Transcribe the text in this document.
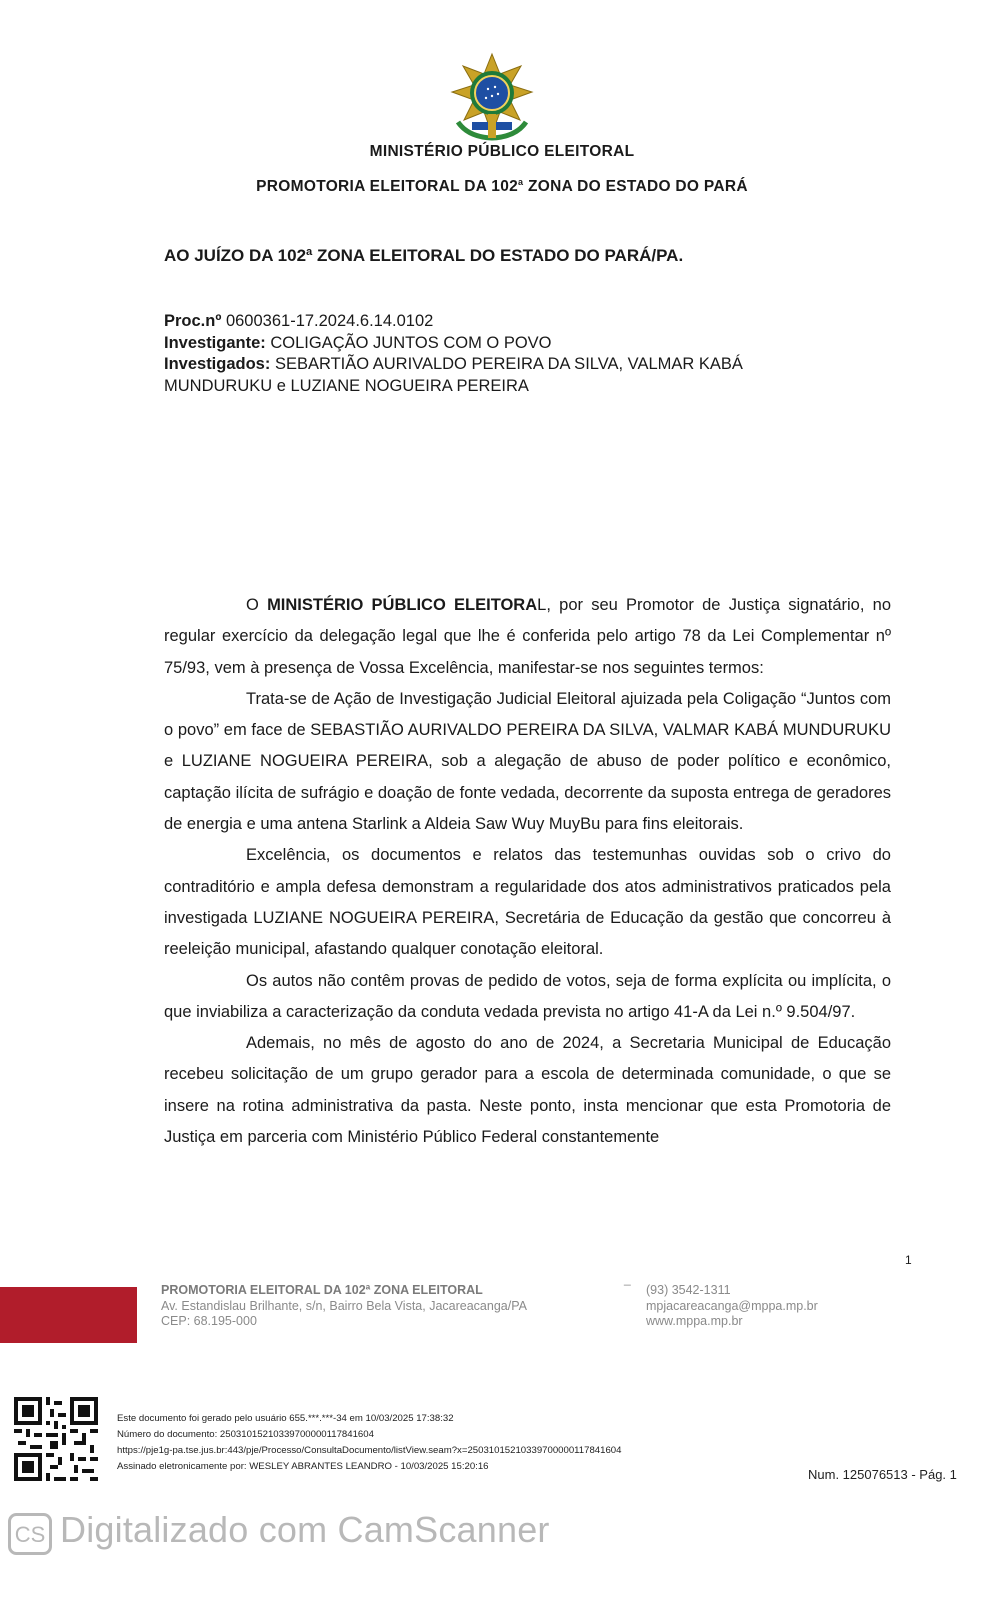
MINISTÉRIO PÚBLICO ELEITORAL
PROMOTORIA ELEITORAL DA 102$^a$ ZONA DO ESTADO DO PARÁ
AO JUÍZO DA 102ª ZONA ELEITORAL DO ESTADO DO PARÁ/PA.
Proc.nº 0600361-17.2024.6.14.0102
Investigante: COLIGAÇÃO JUNTOS COM O POVO
Investigados: SEBARTIÃO AURIVALDO PEREIRA DA SILVA, VALMAR KABÁ MUNDURUKU e LUZIANE NOGUEIRA PEREIRA

O MINISTÉRIO PÚBLICO ELEITORAL, por seu Promotor de Justiça signatário, no regular exercício da delegação legal que lhe é conferida pelo artigo 78 da Lei Complementar nº 75/93, vem à presença de Vossa Excelência, manifestar-se nos seguintes termos:

Trata-se de Ação de Investigação Judicial Eleitoral ajuizada pela Coligação “Juntos com o povo” em face de SEBASTIÃO AURIVALDO PEREIRA DA SILVA, VALMAR KABÁ MUNDURUKU e LUZIANE NOGUEIRA PEREIRA, sob a alegação de abuso de poder político e econômico, captação ilícita de sufrágio e doação de fonte vedada, decorrente da suposta entrega de geradores de energia e uma antena Starlink a Aldeia Saw Wuy MuyBu para fins eleitorais.

Excelência, os documentos e relatos das testemunhas ouvidas sob o crivo do contraditório e ampla defesa demonstram a regularidade dos atos administrativos praticados pela investigada LUZIANE NOGUEIRA PEREIRA, Secretária de Educação da gestão que concorreu à reeleição municipal, afastando qualquer conotação eleitoral.

Os autos não contêm provas de pedido de votos, seja de forma explícita ou implícita, o que inviabiliza a caracterização da conduta vedada prevista no artigo 41-A da Lei n.º 9.504/97.

Ademais, no mês de agosto do ano de 2024, a Secretaria Municipal de Educação recebeu solicitação de um grupo gerador para a escola de determinada comunidade, o que se insere na rotina administrativa da pasta. Neste ponto, insta mencionar que esta Promotoria de Justiça em parceria com Ministério Público Federal constantemente

1
PROMOTORIA ELEITORAL DA 102ª ZONA ELEITORAL
Av. Estandislau Brilhante, s/n, Bairro Bela Vista, Jacareacanga/PA
CEP: 68.195-000
_
(93) 3542-1311
mpjacareacanga@mppa.mp.br
www.mppa.mp.br
Este documento foi gerado pelo usuário 655.***.***-34 em 10/03/2025 17:38:32
Número do documento: 25031015210339700000117841604
https://pje1g-pa.tse.jus.br:443/pje/Processo/ConsultaDocumento/listView.seam?x=25031015210339700000117841604
Assinado eletronicamente por: WESLEY ABRANTES LEANDRO - 10/03/2025 15:20:16
Num. 125076513 - Pág. 1
CS Digitalizado com CamScanner
